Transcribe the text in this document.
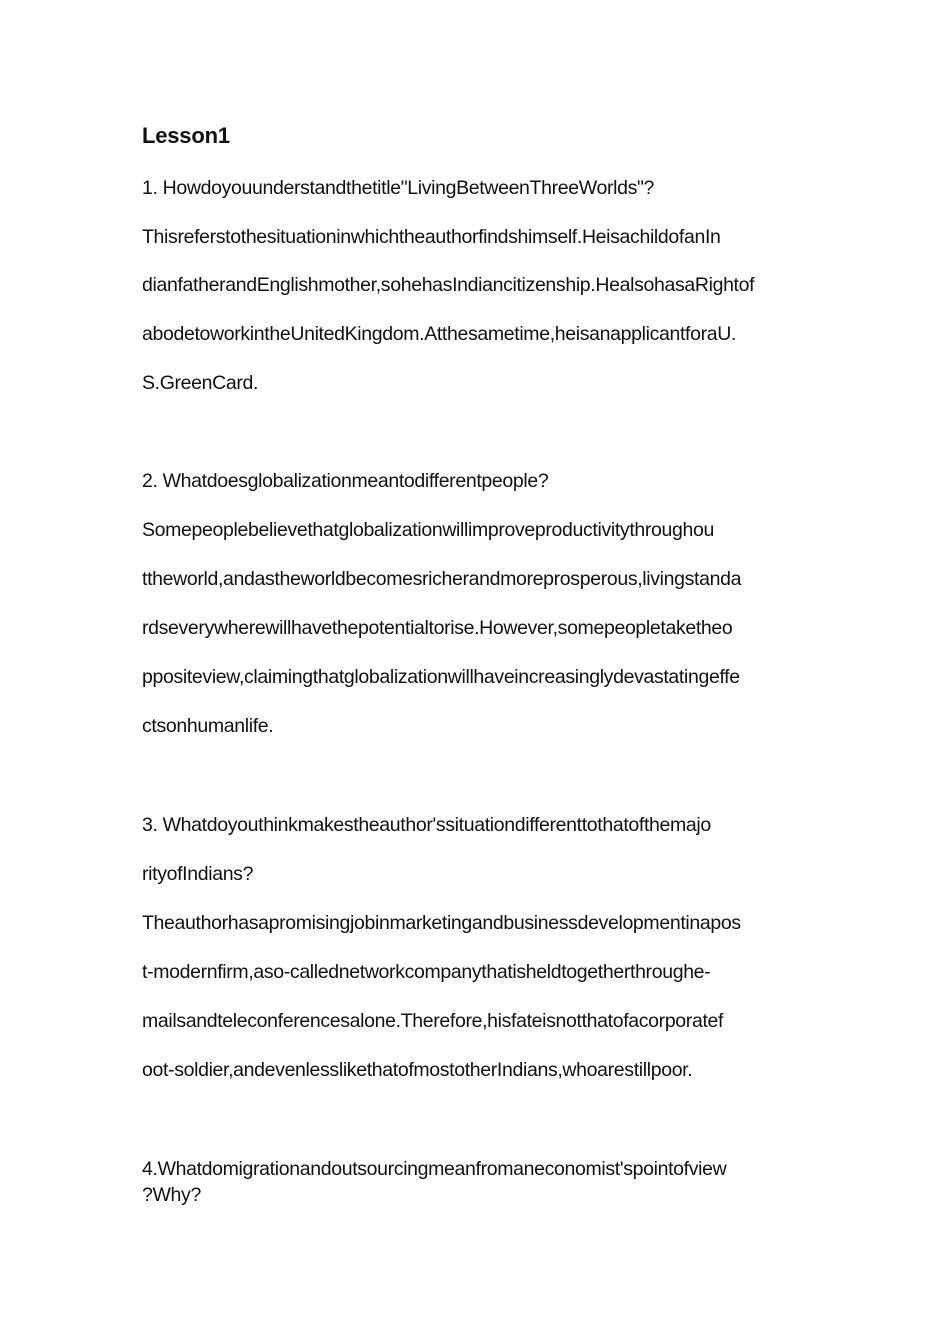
Lesson1
1. Howdoyouunderstandthetitle"LivingBetweenThreeWorlds"?
Thisreferstothesituationinwhichtheauthorfindshimself.HeisachildofanIn
dianfatherandEnglishmother,sohehasIndiancitizenship.HealsohasaRightof
abodetoworkintheUnitedKingdom.Atthesametime,heisanapplicantforaU.
S.GreenCard.
2. Whatdoesglobalizationmeantodifferentpeople?
Somepeoplebelievethatglobalizationwillimproveproductivitythroughou
ttheworld,andastheworldbecomesricherandmoreprosperous,livingstanda
rdseverywherewillhavethepotentialtorise.However,somepeopletaketheo
ppositeview,claimingthatglobalizationwillhaveincreasinglydevastatingeffe
ctsonhumanlife.
3. Whatdoyouthinkmakestheauthor'ssituationdifferenttothatofthemajo
rityofIndians?
Theauthorhasapromisingjobinmarketingandbusinessdevelopmentinapos
t-modernfirm,aso-callednetworkcompanythatisheldtogetherthroughe-
mailsandteleconferencesalone.Therefore,hisfateisnotthatofacorporatef
oot-soldier,andevenlesslikethatofmostotherIndians,whoarestillpoor.
4.Whatdomigrationandoutsourcingmeanfromaneconomist'spointofview
?Why?
